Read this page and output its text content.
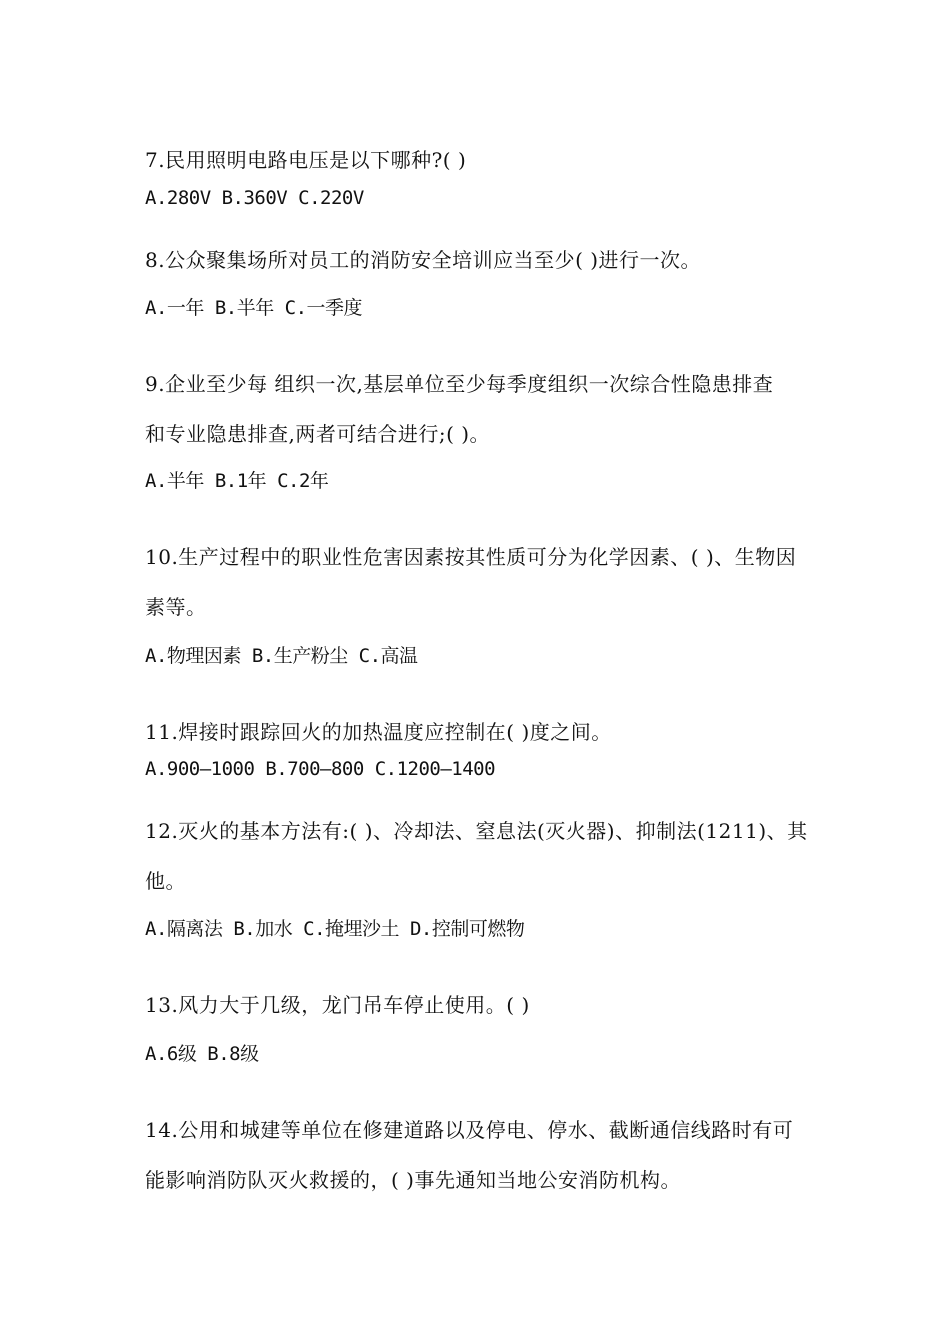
7.民用照明电路电压是以下哪种?( )
A.280V B.360V C.220V
8.公众聚集场所对员工的消防安全培训应当至少( )进行一次。
A.一年 B.半年 C.一季度
9.企业至少每 组织一次,基层单位至少每季度组织一次综合性隐患排查
和专业隐患排查,两者可结合进行;( )。
A.半年 B.1年 C.2年
10.生产过程中的职业性危害因素按其性质可分为化学因素、( )、生物因
素等。
A.物理因素 B.生产粉尘 C.高温
11.焊接时跟踪回火的加热温度应控制在( )度之间。
A.900—1000 B.700—800 C.1200—1400
12.灭火的基本方法有:( )、冷却法、窒息法(灭火器)、抑制法(1211)、其
他。
A.隔离法 B.加水 C.掩埋沙土 D.控制可燃物
13.风力大于几级，龙门吊车停止使用。( )
A.6级 B.8级
14.公用和城建等单位在修建道路以及停电、停水、截断通信线路时有可
能影响消防队灭火救援的，( )事先通知当地公安消防机构。
